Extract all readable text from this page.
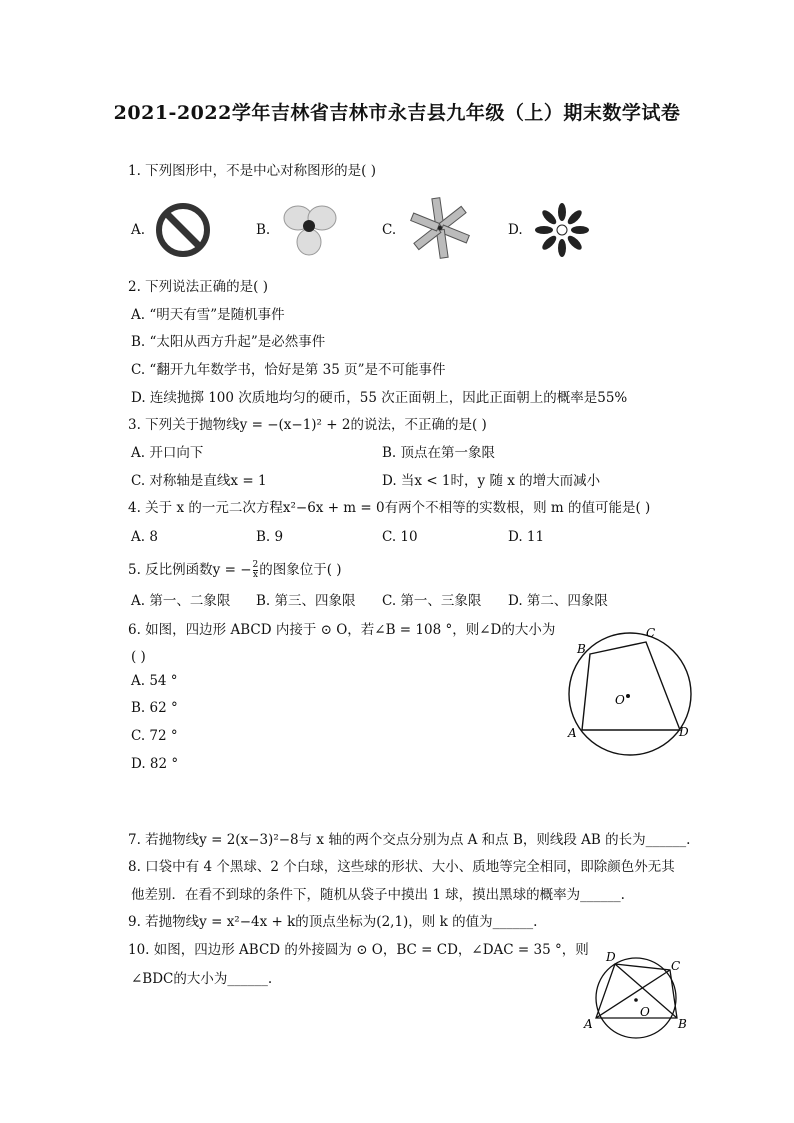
2021-2022学年吉林省吉林市永吉县九年级（上）期末数学试卷
1. 下列图形中，不是中心对称图形的是( )
A.	B.	C.	D.
2. 下列说法正确的是( )
A. “明天有雪”是随机事件
B. “太阳从西方升起”是必然事件
C. “翻开九年数学书，恰好是第 35 页”是不可能事件
D. 连续抛掷 100 次质地均匀的硬币，55 次正面朝上，因此正面朝上的概率是55%
3. 下列关于抛物线y = −(x−1)² + 2的说法，不正确的是( )
A. 开口向下	B. 顶点在第一象限
C. 对称轴是直线x = 1	D. 当x < 1时，y 随 x 的增大而减小
4. 关于 x 的一元二次方程x²−6x + m = 0有两个不相等的实数根，则 m 的值可能是( )
A. 8	B. 9	C. 10	D. 11
5. 反比例函数y = − $\frac{2}{x}$ 的图象位于( )
A. 第一、二象限 B. 第三、四象限 C. 第一、三象限 D. 第二、四象限
6. 如图，四边形 ABCD 内接于 ⊙ O，若∠B = 108 °，则∠D的大小为
( )
A. 54 °
B. 62 °
C. 72 °
D. 82 °
B
C
O
A	D
7. 若抛物线y = 2(x−3)²−8与 x 轴的两个交点分别为点 A 和点 B，则线段 AB 的长为______.
8. 口袋中有 4 个黑球、2 个白球，这些球的形状、大小、质地等完全相同，即除颜色外无其
他差别．在看不到球的条件下，随机从袋子中摸出 1 球，摸出黑球的概率为______.
9. 若抛物线y = x²−4x + k的顶点坐标为(2,1)，则 k 的值为______.
10. 如图，四边形 ABCD 的外接圆为 ⊙ O，BC = CD，∠DAC = 35 °，则
∠BDC的大小为______.
D
C
O
A	B
